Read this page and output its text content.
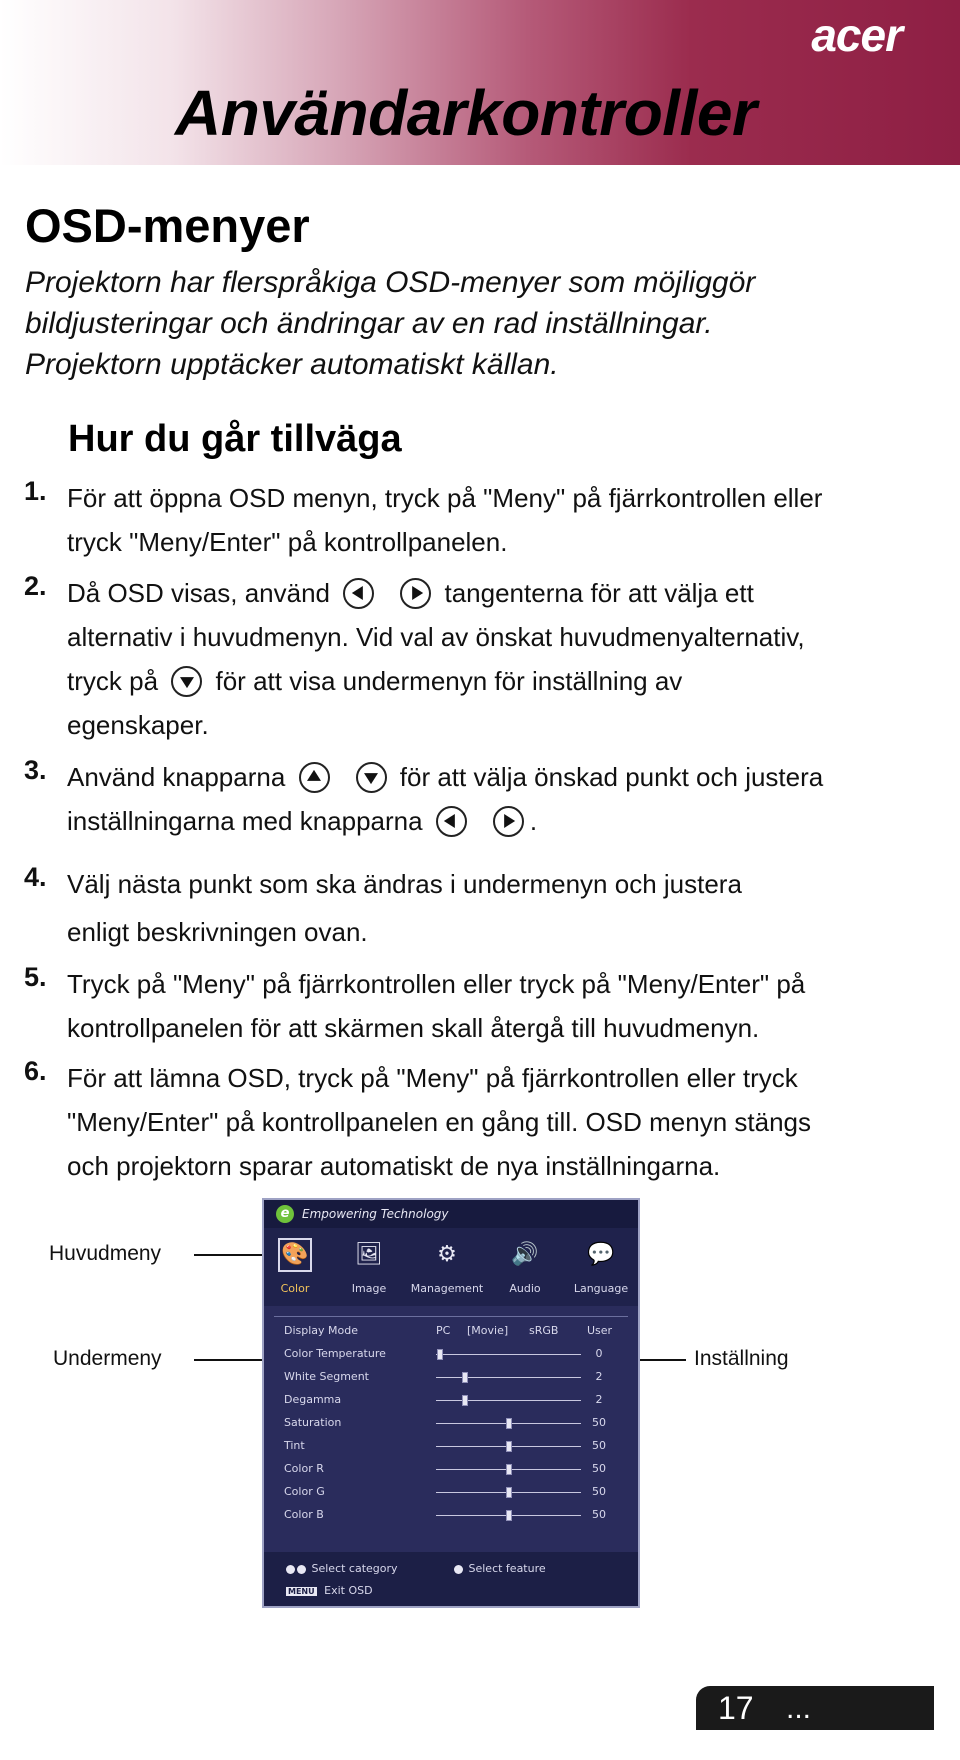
acer
Användarkontroller
OSD-menyer
Projektorn har flerspråkiga OSD-menyer som möjliggör
bildjusteringar och ändringar av en rad inställningar.
Projektorn upptäcker automatiskt källan.
Hur du går tillväga
1. För att öppna OSD menyn, tryck på "Meny" på fjärrkontrollen eller
tryck "Meny/Enter" på kontrollpanelen.
2. Då OSD visas, använd	tangenterna för att välja ett
alternativ i huvudmenyn. Vid val av önskat huvudmenyalternativ,
tryck på för att visa undermenyn för inställning av
egenskaper.
3. Använd knapparna	för att välja önskad punkt och justera
inställningarna med knapparna	.
4. Välj nästa punkt som ska ändras i undermenyn och justera
enligt beskrivningen ovan.
5. Tryck på "Meny" på fjärrkontrollen eller tryck på "Meny/Enter" på
kontrollpanelen för att skärmen skall återgå till huvudmenyn.
6. För att lämna OSD, tryck på "Meny" på fjärrkontrollen eller tryck
"Meny/Enter" på kontrollpanelen en gång till. OSD menyn stängs
och projektorn sparar automatiskt de nya inställningarna.
Huvudmeny
Undermeny	Inställning
e	Empowering Technology
🎨
Color
🖼
Image
⚙
Management
🔊
Audio
💬
Language
Display Mode	PC [Movie] sRGB	User
Select category	Select feature
MENU Exit OSD
Color Temperature	0
White Segment	2
Degamma	2
Saturation	50
Tint	50
Color R	50
Color G	50
Color B	50
17 ... Svenska
